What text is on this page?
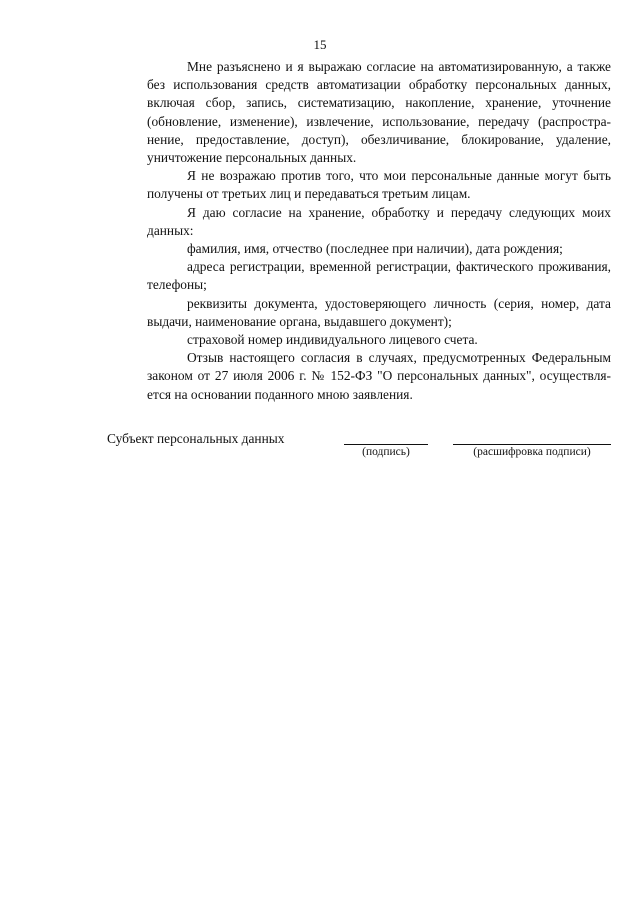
15

Мне разъяснено и я выражаю согласие на автоматизированную, а также
без использования средств автоматизации обработку персональных данных,
включая сбор, запись, систематизацию, накопление, хранение, уточнение
(обновление, изменение), извлечение, использование, передачу (распростра-
нение, предоставление, доступ), обезличивание, блокирование, удаление,
уничтожение персональных данных.

Я не возражаю против того, что мои персональные данные могут быть
получены от третьих лиц и передаваться третьим лицам.

Я даю согласие на хранение, обработку и передачу следующих моих
данных:

фамилия, имя, отчество (последнее при наличии), дата рождения;

адреса регистрации, временной регистрации, фактического проживания,
телефоны;

реквизиты документа, удостоверяющего личность (серия, номер, дата
выдачи, наименование органа, выдавшего документ);

страховой номер индивидуального лицевого счета.

Отзыв настоящего согласия в случаях, предусмотренных Федеральным
законом от 27 июля 2006 г. № 152-ФЗ "О персональных данных", осуществля-
ется на основании поданного мною заявления.

Субъект персональных данных
(подпись)	(расшифровка подписи)
